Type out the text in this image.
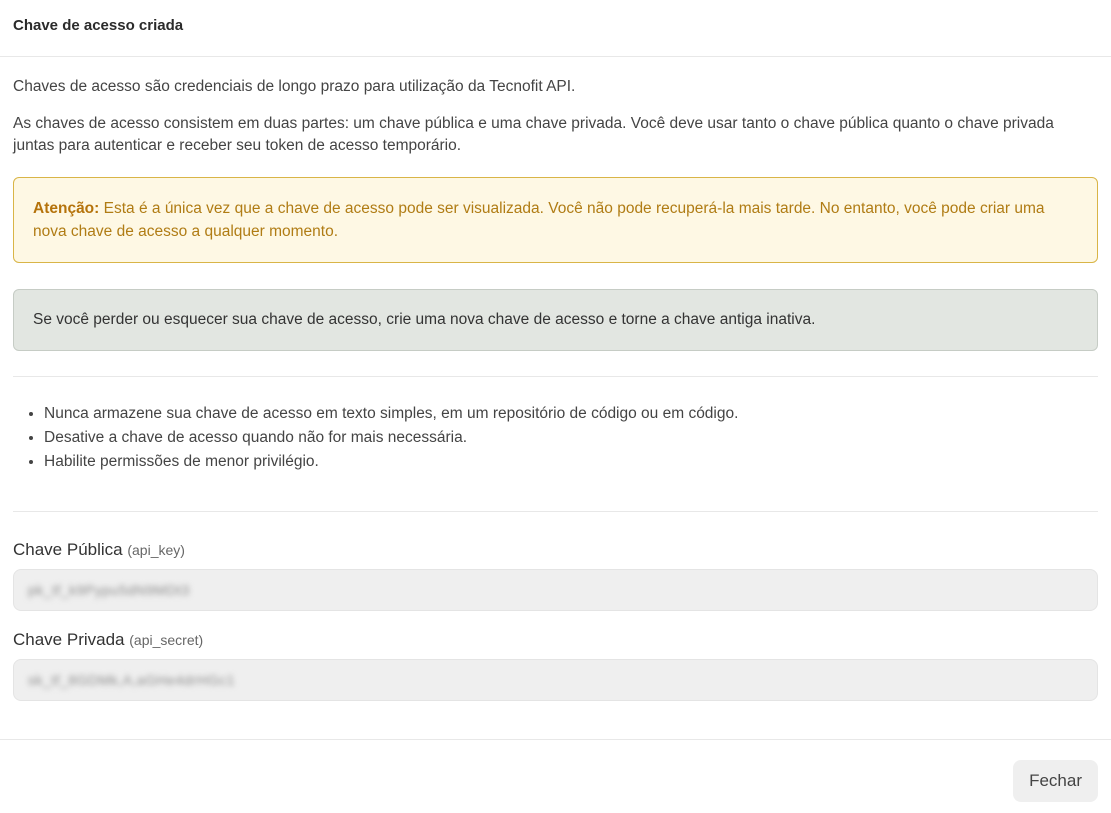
Chave de acesso criada

Chaves de acesso são credenciais de longo prazo para utilização da Tecnofit API.

As chaves de acesso consistem em duas partes: um chave pública e uma chave privada. Você deve usar tanto o chave pública quanto o chave privada juntas para autenticar e receber seu token de acesso temporário.

Atenção: Esta é a única vez que a chave de acesso pode ser visualizada. Você não pode recuperá-la mais tarde. No entanto, você pode criar uma nova chave de acesso a qualquer momento.
Se você perder ou esquecer sua chave de acesso, crie uma nova chave de acesso e torne a chave antiga inativa.
• Nunca armazene sua chave de acesso em texto simples, em um repositório de código ou em código.
• Desative a chave de acesso quando não for mais necessária.
• Habilite permissões de menor privilégio.
Chave Pública (api_key)
pk_tf_k9Pypu5dN9MDt3
Chave Privada (api_secret)
sk_tf_8GDMk,A,aGHe4drHGc1
Fechar
